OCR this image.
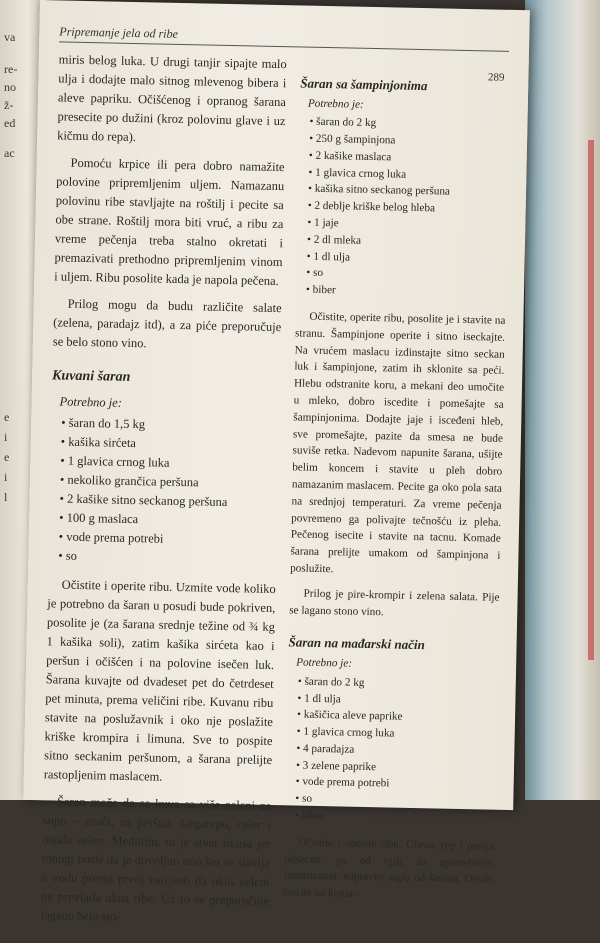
va
re-
no
ž-
ed
ac
e
i
e
i
l
Pripremanje jela od ribe
289

miris belog luka. U drugi tanjir sipajte malo ulja i dodajte malo sitnog mlevenog bibera i aleve papriku. Očišćenog i opranog šarana presecite po dužini (kroz polovinu glave i uz kičmu do repa).

Pomoću krpice ili pera dobro namažite polovine pripremljenim uljem. Namazanu polovinu ribe stavljajte na roštilj i pecite sa obe strane. Roštilj mora biti vruć, a ribu za vreme pečenja treba stalno okretati i premazivati prethodno pripremljenim vinom i uljem. Ribu posolite kada je napola pečena.

Prilog mogu da budu različite salate (zelena, paradajz itd), a za piće preporučuje se belo stono vino.

Kuvani šaran
Potrebno je:
• šaran do 1,5 kg
• kašika sirćeta
• 1 glavica crnog luka
• nekoliko grančica peršuna
• 2 kašike sitno seckanog peršuna
• 100 g maslaca
• vode prema potrebi
• so

Očistite i operite ribu. Uzmite vode koliko je potrebno da šaran u posudi bude pokriven, posolite je (za šarana srednje težine od ¾ kg 1 kašika soli), zatim kašika sirćeta kao i peršun i očišćen i na polovine isečen luk. Šarana kuvajte od dvadeset pet do četrdeset pet minuta, prema veličini ribe. Kuvanu ribu stavite na poslužavnik i oko nje poslažite kriške krompira i limuna. Sve to pospite sitno seckanim peršunom, a šarana prelijte rastopljenim maslacem.

Šaran može da se kuva sa više zeleni za supu – znači, uz peršun, šargarepu, celer i ostalu zelen. Međutim, to je stvar ukusa jer mnogi tvrde da je dovoljno ono što se stavlja u vodu prema prvoj varijanti da ukus zeleni ne prevlada ukus ribe. Uz to se preporučuje lagano belo sto-

Šaran sa šampinjonima
Potrebno je:
• šaran do 2 kg
• 250 g šampinjona
• 2 kašike maslaca
• 1 glavica crnog luka
• kašika sitno seckanog peršuna
• 2 deblje kriške belog hleba
• 1 jaje
• 2 dl mleka
• 1 dl ulja
• so
• biber

Očistite, operite ribu, posolite je i stavite na stranu. Šampinjone operite i sitno iseckajte. Na vrućem maslacu izdinstajte sitno seckan luk i šampinjone, zatim ih sklonite sa peći. Hlebu odstranite koru, a mekani deo umočite u mleko, dobro iscedite i pomešajte sa šampinjonima. Dodajte jaje i isceđeni hleb, sve promešajte, pazite da smesa ne bude suviše retka. Nadevom napunite šarana, ušijte belim koncem i stavite u pleh dobro namazanim maslacem. Pecite ga oko pola sata na srednjoj temperaturi. Za vreme pečenja povremeno ga polivajte tečnošću iz pleha. Pečenog isecite i stavite na tacnu. Komade šarana prelijte umakom od šampinjona i poslužite.

Prilog je pire-krompir i zelena salata. Pije se lagano stono vino.

Šaran na mađarski način
Potrebno je:
• šaran do 2 kg
• 1 dl ulja
• kašičica aleve paprike
• 1 glavica crnog luka
• 4 paradajza
• 3 zelene paprike
• vode prema potrebi
• so
• biber

Očistite i operite ribu. Glavu, rep i peraja odsecite, pa od njih, sa upotrebivim iznutricama, napravite supu od šarana. Ostalo isecite na koma-
